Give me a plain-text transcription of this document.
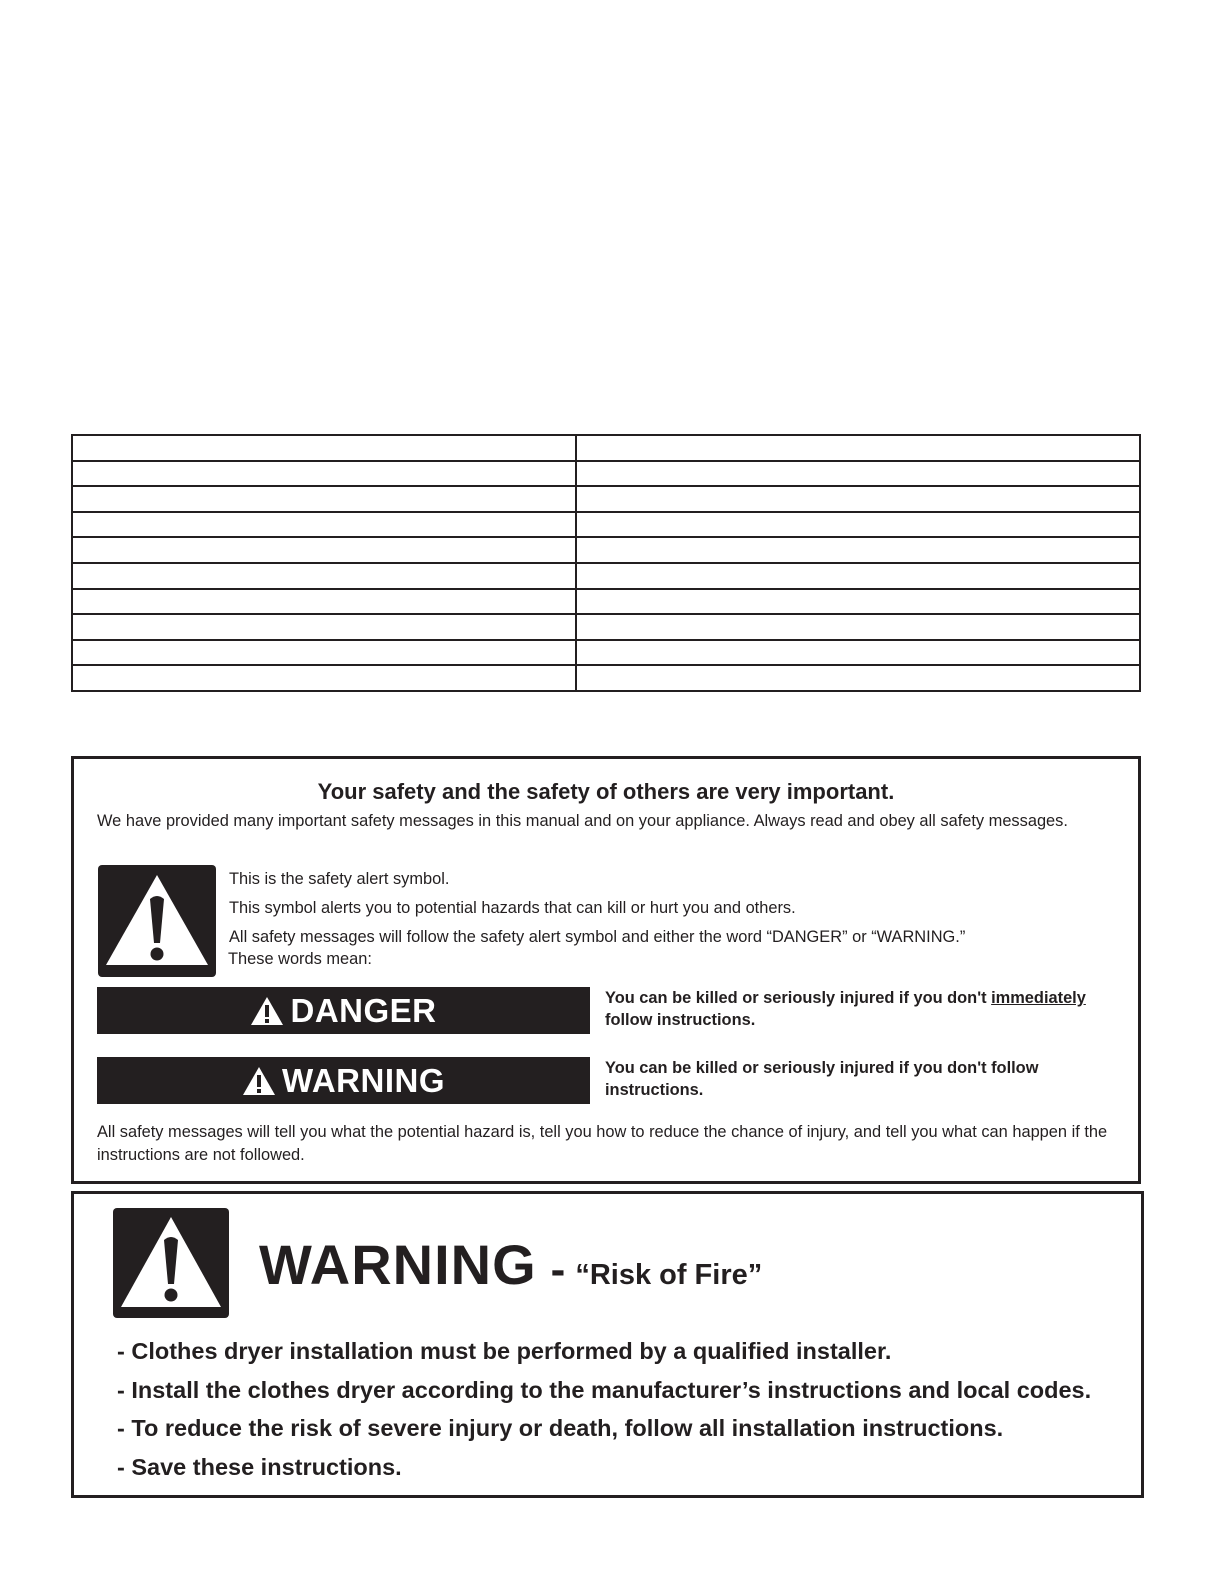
Your safety and the safety of others are very important.
We have provided many important safety messages in this manual and on your appliance. Always read and obey all safety messages.

This is the safety alert symbol.

This symbol alerts you to potential hazards that can kill or hurt you and others.

All safety messages will follow the safety alert symbol and either the word “DANGER” or “WARNING.”

These words mean:

DANGER	You can be killed or seriously injured if you don't immediately follow instructions.
WARNING	You can be killed or seriously injured if you don't follow instructions.
All safety messages will tell you what the potential hazard is, tell you how to reduce the chance of injury, and tell you what can happen if the instructions are not followed.
WARNING - “Risk of Fire”
- Clothes dryer installation must be performed by a qualified installer.
- Install the clothes dryer according to the manufacturer’s instructions and local codes.
- To reduce the risk of severe injury or death, follow all installation instructions.
- Save these instructions.
